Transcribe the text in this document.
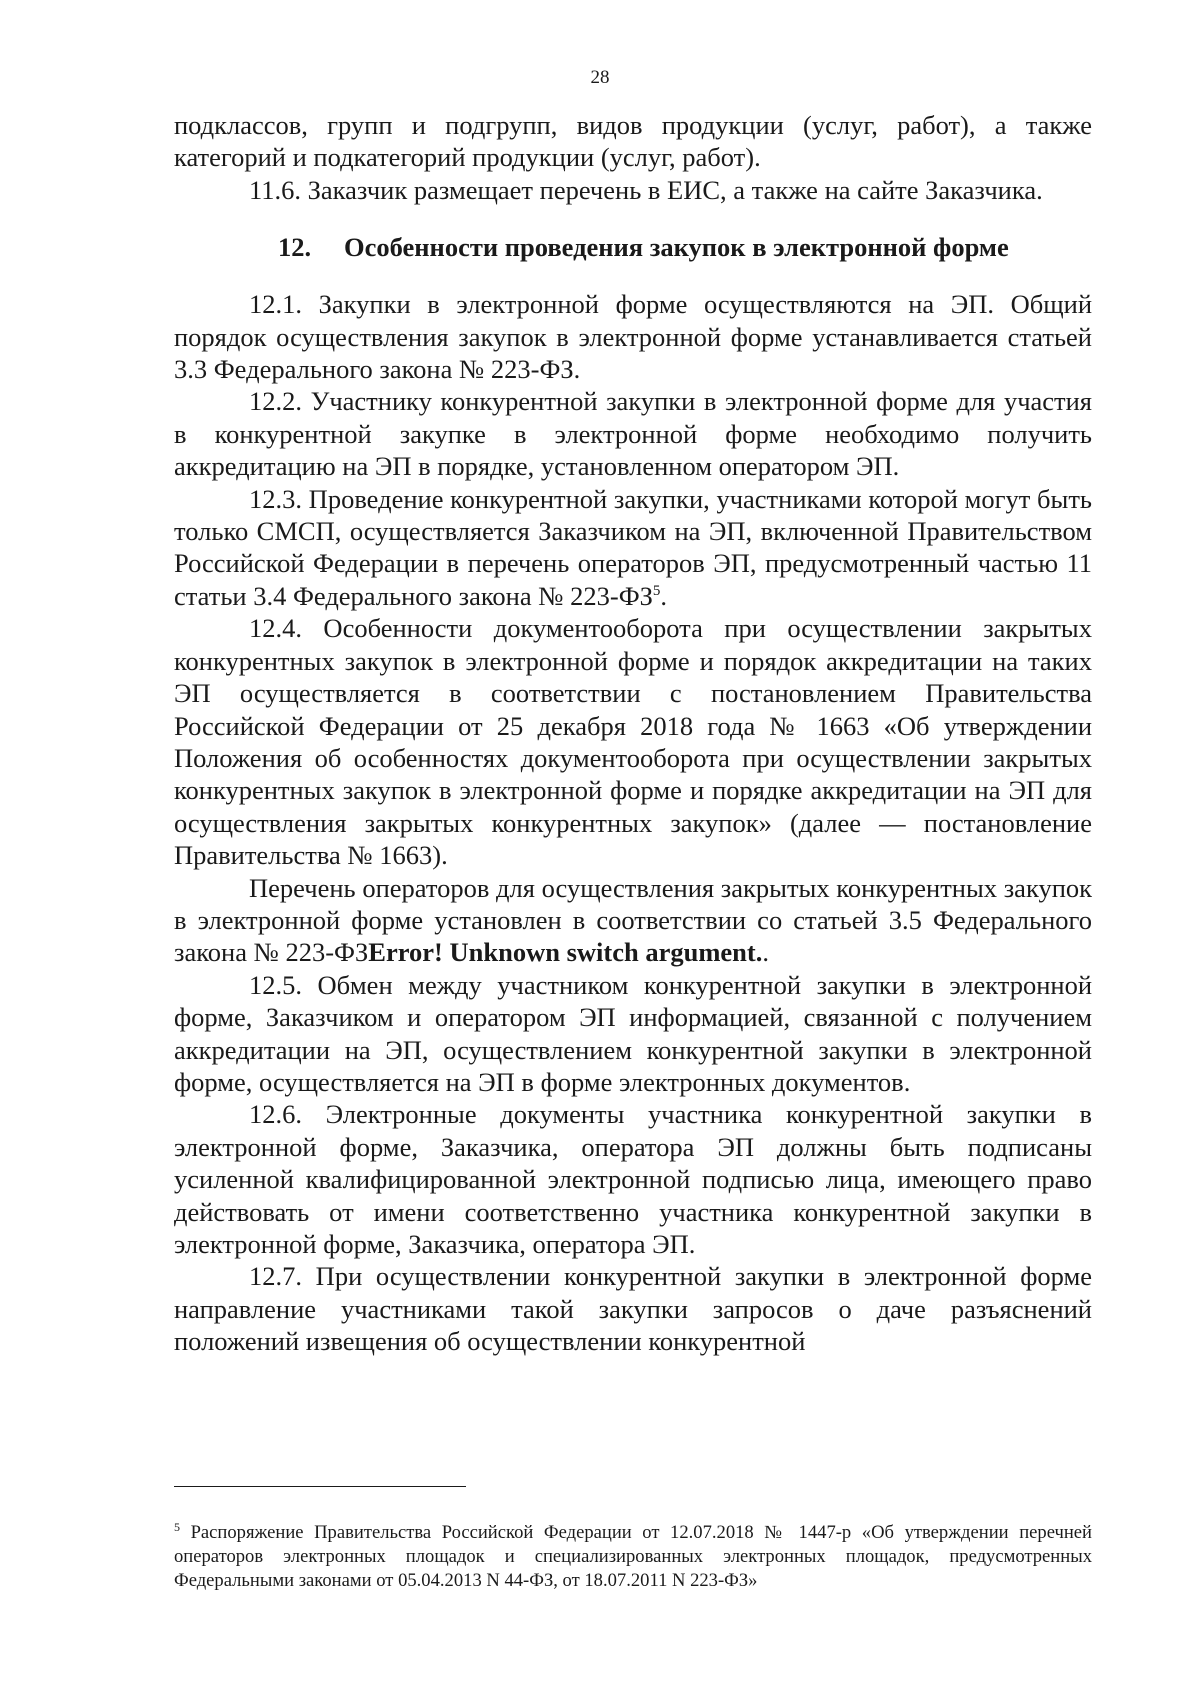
28

подклассов, групп и подгрупп, видов продукции (услуг, работ), а также категорий и подкатегорий продукции (услуг, работ).

11.6. Заказчик размещает перечень в ЕИС, а также на сайте Заказчика.

12. Особенности проведения закупок в электронной форме

12.1. Закупки в электронной форме осуществляются на ЭП. Общий порядок осуществления закупок в электронной форме устанавливается статьей 3.3 Федерального закона № 223-ФЗ.

12.2. Участнику конкурентной закупки в электронной форме для участия в конкурентной закупке в электронной форме необходимо получить аккредитацию на ЭП в порядке, установленном оператором ЭП.

12.3. Проведение конкурентной закупки, участниками которой могут быть только СМСП, осуществляется Заказчиком на ЭП, включенной Правительством Российской Федерации в перечень операторов ЭП, предусмотренный частью 11 статьи 3.4 Федерального закона № $223-ФЗ^5$.

12.4. Особенности документооборота при осуществлении закрытых конкурентных закупок в электронной форме и порядок аккредитации на таких ЭП осуществляется в соответствии с постановлением Правительства Российской Федерации от 25 декабря 2018 года № 1663 «Об утверждении Положения об особенностях документооборота при осуществлении закрытых конкурентных закупок в электронной форме и порядке аккредитации на ЭП для осуществления закрытых конкурентных закупок» (далее — постановление Правительства № 1663).

Перечень операторов для осуществления закрытых конкурентных закупок в электронной форме установлен в соответствии со статьей 3.5 Федерального закона № 223-ФЗError! Unknown switch argument..

12.5. Обмен между участником конкурентной закупки в электронной форме, Заказчиком и оператором ЭП информацией, связанной с получением аккредитации на ЭП, осуществлением конкурентной закупки в электронной форме, осуществляется на ЭП в форме электронных документов.

12.6. Электронные документы участника конкурентной закупки в электронной форме, Заказчика, оператора ЭП должны быть подписаны усиленной квалифицированной электронной подписью лица, имеющего право действовать от имени соответственно участника конкурентной закупки в электронной форме, Заказчика, оператора ЭП.

12.7. При осуществлении конкурентной закупки в электронной форме направление участниками такой закупки запросов о даче разъяснений положений извещения об осуществлении конкурентной

$^5$ Распоряжение Правительства Российской Федерации от 12.07.2018 № 1447-р «Об утверждении перечней операторов электронных площадок и специализированных электронных площадок, предусмотренных Федеральными законами от 05.04.2013 N 44-ФЗ, от 18.07.2011 N 223-ФЗ»
